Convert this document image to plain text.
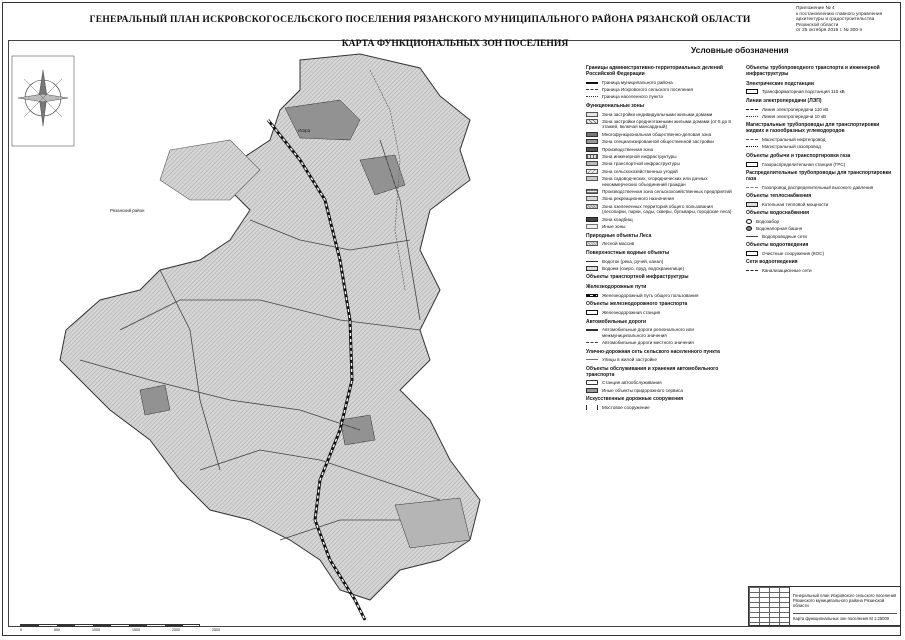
ГЕНЕРАЛЬНЫЙ ПЛАН ИСКРОВСКОГОСЕЛЬСКОГО ПОСЕЛЕНИЯ РЯЗАНСКОГО МУНИЦИПАЛЬНОГО РАЙОНА РЯЗАНСКОЙ ОБЛАСТИ
КАРТА ФУНКЦИОНАЛЬНЫХ ЗОН ПОСЕЛЕНИЯ
Приложение № 4
к постановлению главного управления
архитектуры и градостроительства
Рязанской области
от 25 октября 2019 г. № 300-п
Искра
Рязанский район
Условные обозначения
Границы административно-территориальных делений Российской Федерации
Граница муниципального района
Граница Искровского сельского поселения
Граница населенного пункта
Функциональные зоны
Зона застройки индивидуальными жилыми домами
Зона застройки среднеэтажными жилыми домами (от 5 до 8 этажей, включая мансардный)
Многофункциональная общественно-деловая зона
Зона специализированной общественной застройки
Производственная зона
Зона инженерной инфраструктуры
Зона транспортной инфраструктуры
Зона сельскохозяйственных угодий
Зона садоводческих, огороднических или дачных некоммерческих объединений граждан
Производственная зона сельскохозяйственных предприятий
Зона рекреационного назначения
Зона озелененных территорий общего пользования (лесопарки, парки, сады, скверы, бульвары, городские леса)
Зона кладбищ
Иные зоны
Природные объекты Леса
Лесной массив
Поверхностные водные объекты
Водоток (река, ручей, канал)
Водоем (озеро, пруд, водохранилище)
Объекты транспортной инфраструктуры
Железнодорожные пути
Железнодорожный путь общего пользования
Объекты железнодорожного транспорта
Железнодорожная станция
Автомобильные дороги
Автомобильные дороги регионального или межмуниципального значения
Автомобильные дороги местного значения
Улично-дорожная сеть сельского населенного пункта
Улицы в жилой застройке
Объекты обслуживания и хранения автомобильного транспорта
Станция автообслуживания
Иные объекты придорожного сервиса
Искусственные дорожные сооружения
Мостовое сооружение
Объекты трубопроводного транспорта и инженерной инфраструктуры
Электрические подстанции
Трансформаторная подстанция 110 кВ
Линии электропередачи (ЛЭП)
Линия электропередачи 110 кВ
Линия электропередачи 10 кВ
Магистральные трубопроводы для транспортировки жидких и газообразных углеводородов
Магистральный нефтепровод
Магистральный газопровод
Объекты добычи и транспортировки газа
Газораспределительная станция (ГРС)
Распределительные трубопроводы для транспортировки газа
Газопровод распределительный высокого давления
Объекты теплоснабжения
Котельная тепловой мощности
Объекты водоснабжения
Водозабор
Водонапорная башня
Водопроводные сети
Объекты водоотведения
Очистные сооружения (КОС)
Сети водоотведения
Канализационные сети
Генеральный план Искровского сельского поселения Рязанского муниципального района Рязанской области
Карта функциональных зон поселения М 1:25000
0	500	1000	1500	2000	2500
